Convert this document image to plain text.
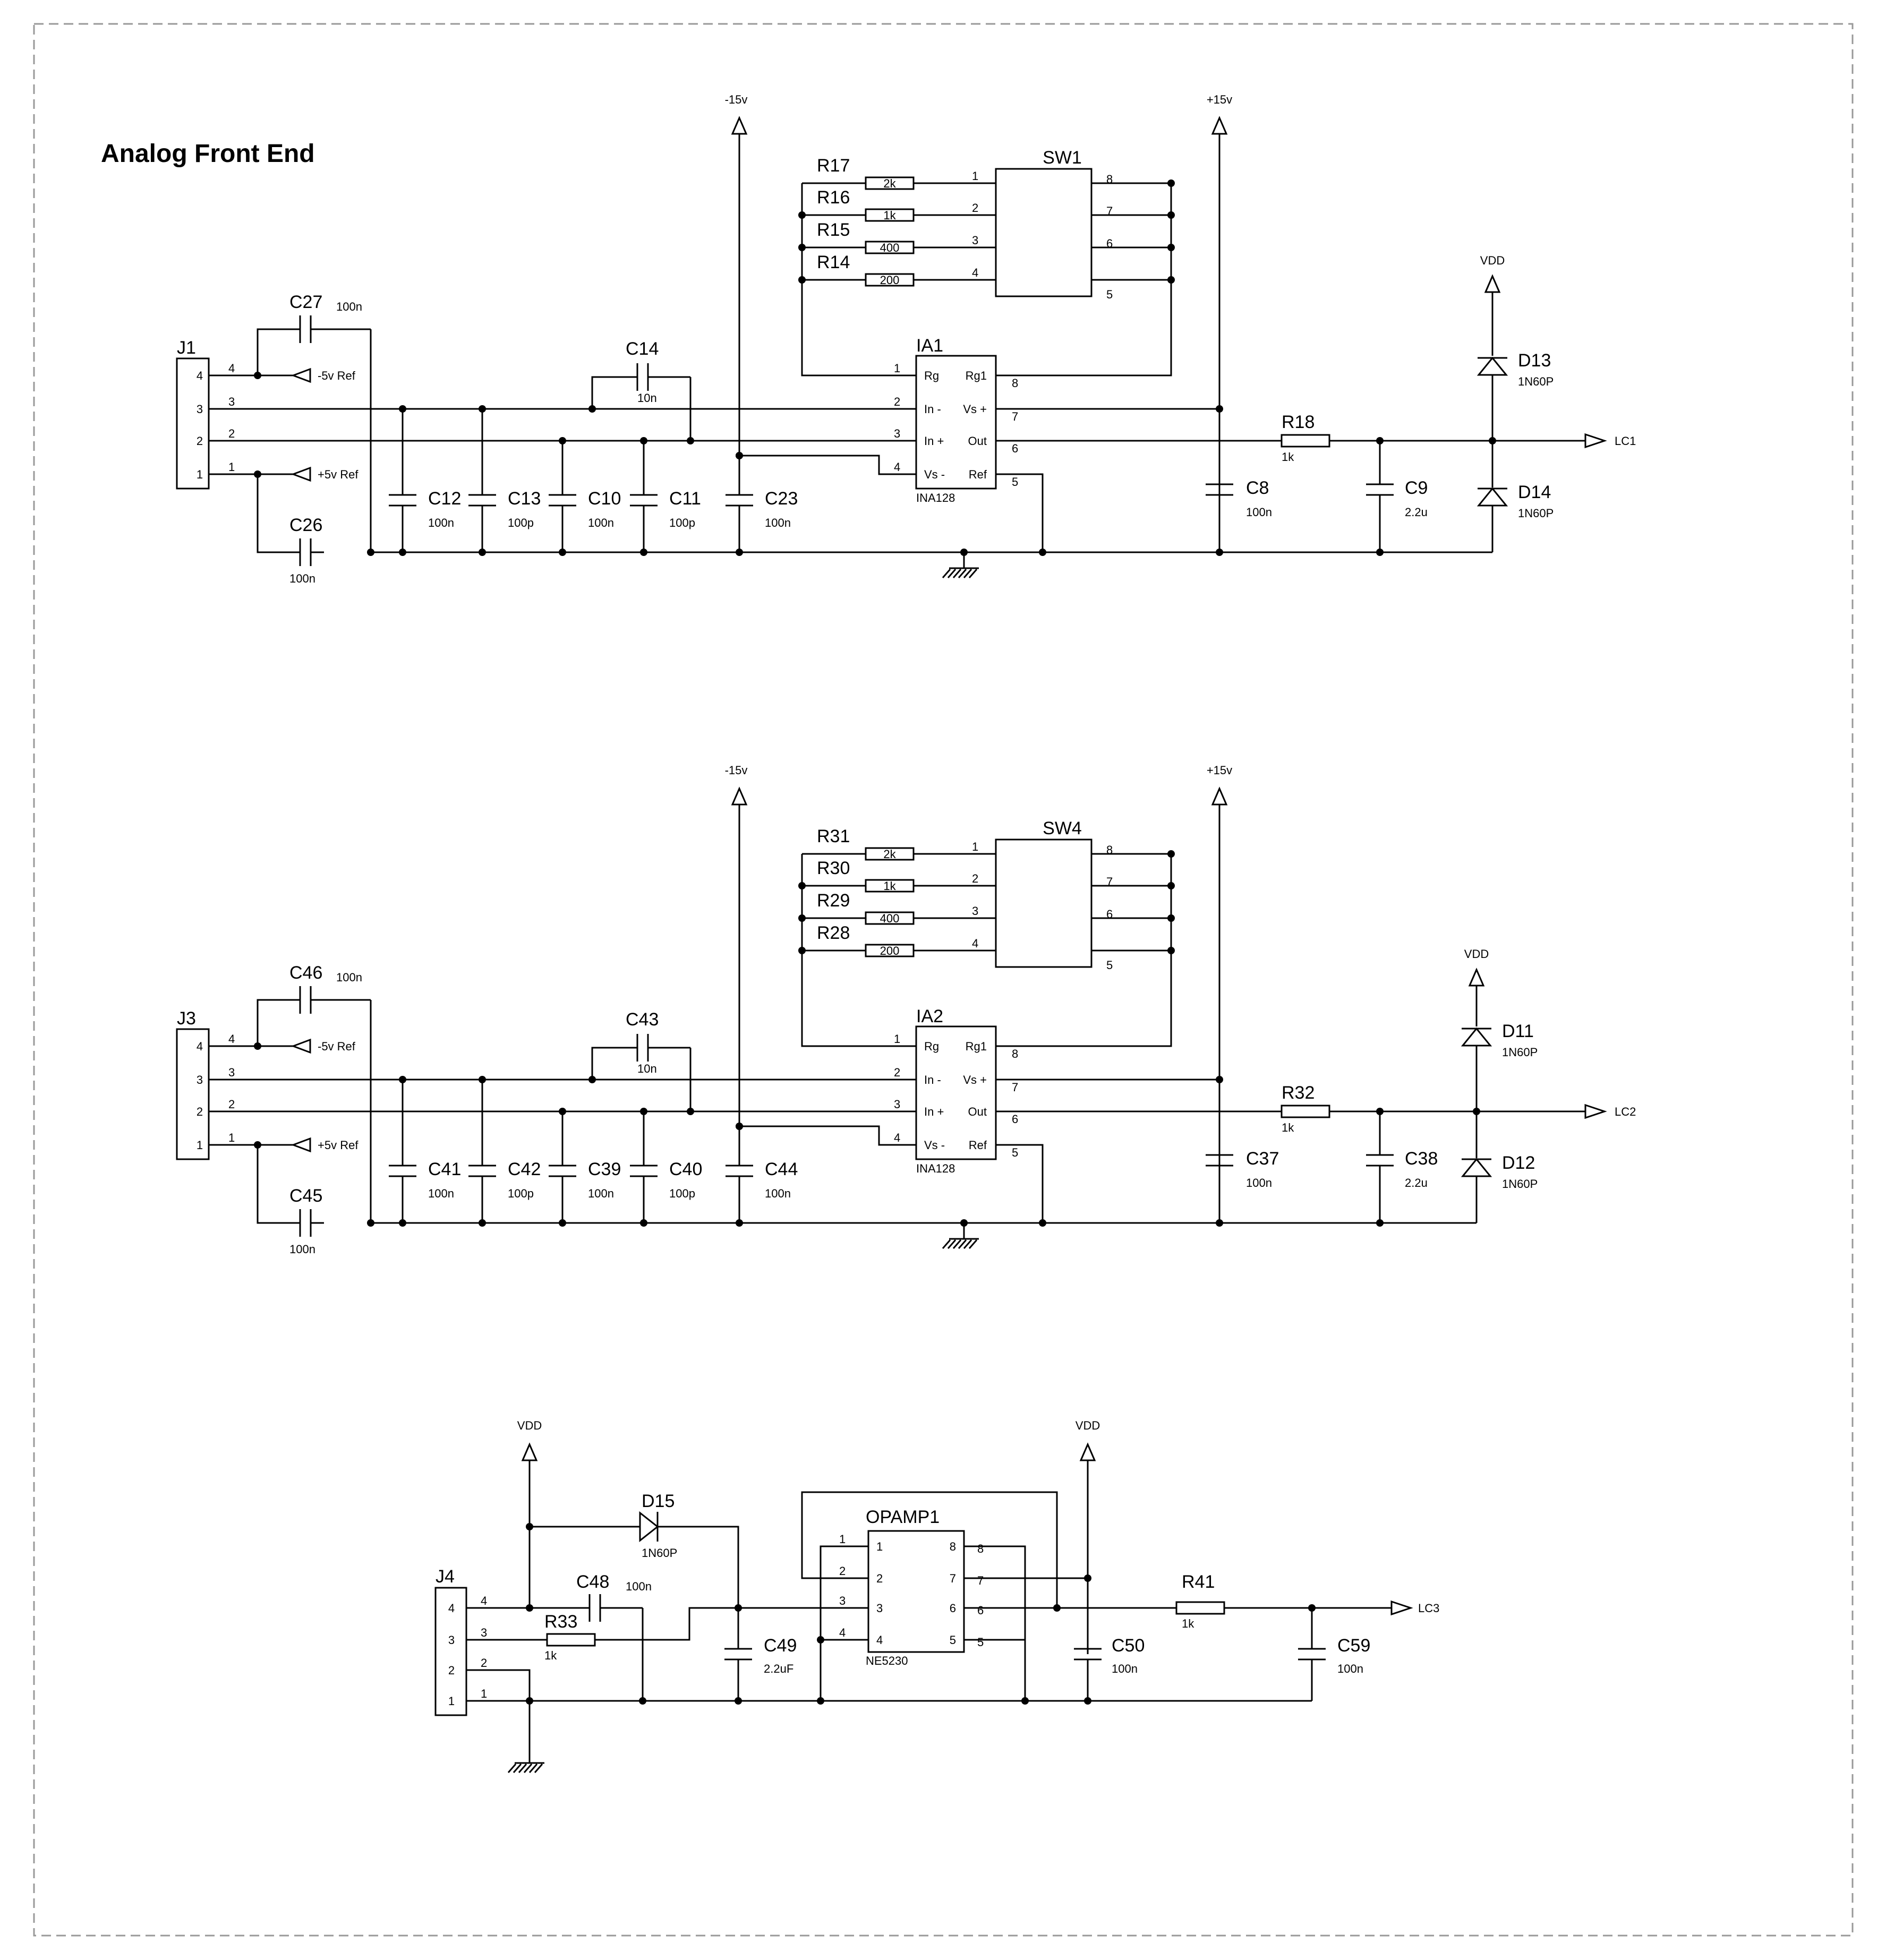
Analog Front End
J1
4
4
3
3
2
2
1
1
-5v Ref
C27 100n
+5v Ref
C26
100n
C14
10n
C12
100n
C13
100p
C10
100n
C11
100p
C23
100n
-15v
IA1
INA128
Rg
In -
In +
Vs -
Rg1
Vs +
Out
Ref
1
2
3
4
8
7
6
5
2k
R17
1	8
1k
R16
2	7
400
R15
3	6
200
R14
4
5
SW1
+15v
C8
100n
LC1
R18
1k
C9
2.2u
VDD
D13
1N60P
D14
1N60P
J3
4
4
3
3
2
2
1
1
-5v Ref
C46 100n
+5v Ref
C45
100n
C43
10n
C41
100n
C42
100p
C39
100n
C40
100p
C44
100n
-15v
IA2
INA128
Rg
In -
In +
Vs -
Rg1
Vs +
Out
Ref
1
2
3
4
8
7
6
5
2k
R31
1	8
1k
R30
2	7
400
R29
3	6
200
R28
4
5
SW4
+15v
C37
100n
LC2
R32
1k
C38
2.2u
VDD
D11
1N60P
D12
1N60P
J4
4
4
3
3
2
2
1
1
VDD
D15
1N60P
C48 100n
R33
1k	C49
2.2uF
OPAMP1
NE5230
1
1
8 8
2
2
7 7
3
3
6 6
4
4
5 5
VDD
C50
100n
LC3
R41
1k
C59
100n
